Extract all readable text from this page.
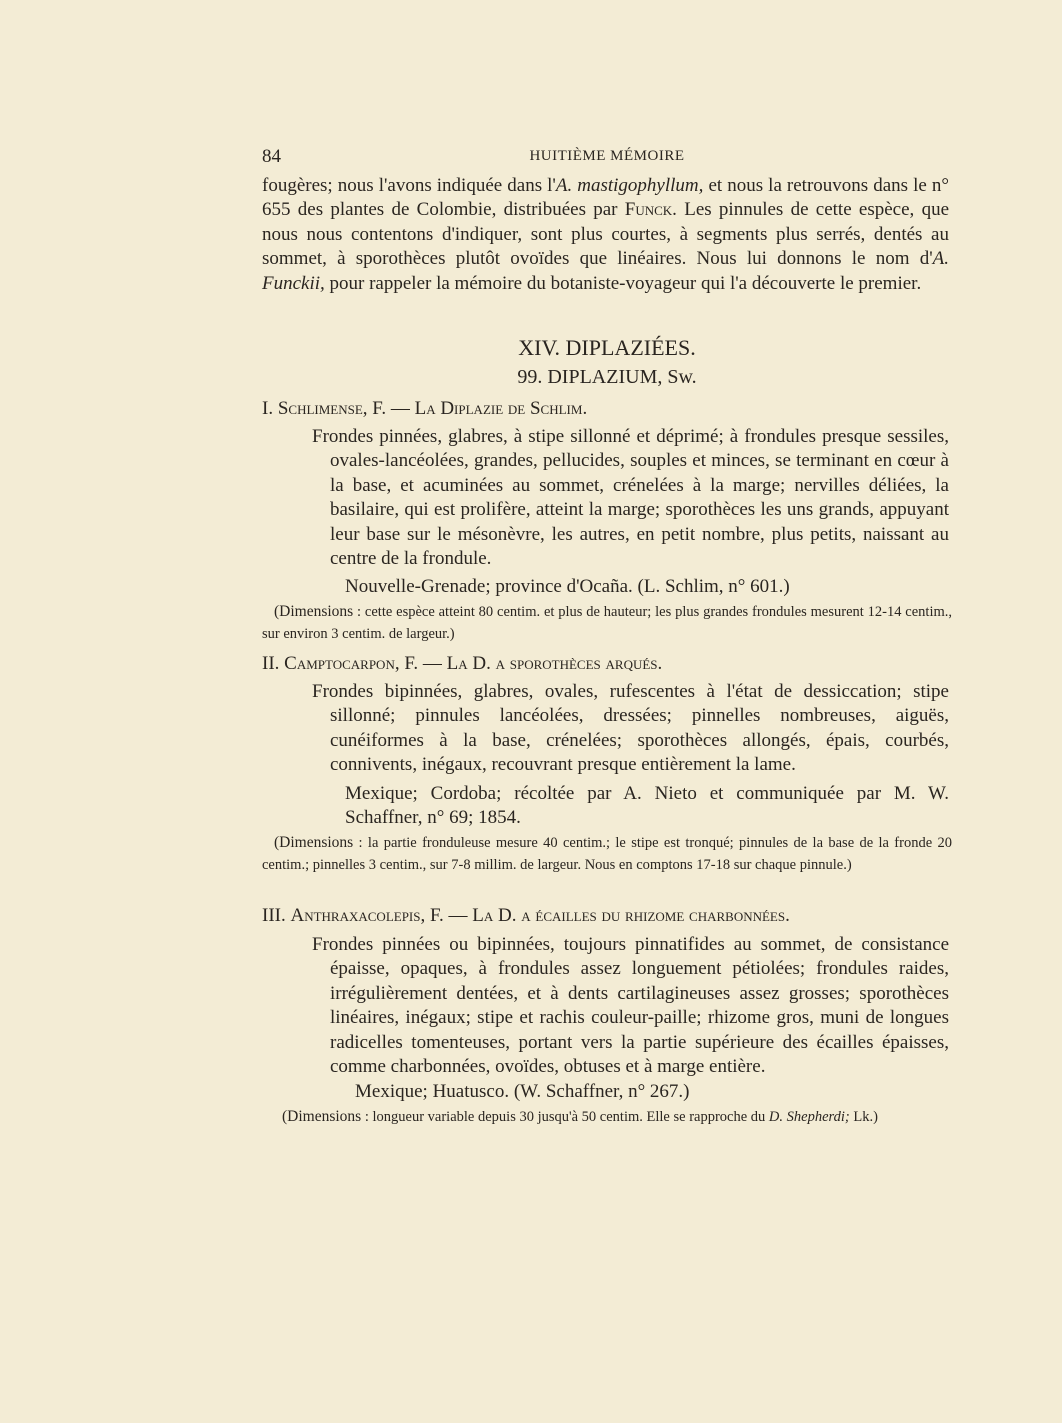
84	HUITIÈME MÉMOIRE
fougères; nous l'avons indiquée dans l'A. mastigophyllum, et nous la retrouvons dans le n° 655 des plantes de Colombie, distribuées par Funck. Les pinnules de cette espèce, que nous nous contentons d'indiquer, sont plus courtes, à segments plus serrés, dentés au sommet, à sporothèces plutôt ovoïdes que linéaires. Nous lui donnons le nom d'A. Funckii, pour rappeler la mémoire du botaniste-voyageur qui l'a découverte le premier.
XIV. DIPLAZIÉES.
99. DIPLAZIUM, Sw.
I. Schlimense, F. — La Diplazie de Schlim.
Frondes pinnées, glabres, à stipe sillonné et déprimé; à frondules presque sessiles, ovales-lancéolées, grandes, pellucides, souples et minces, se terminant en cœur à la base, et acuminées au sommet, crénelées à la marge; nervilles déliées, la basilaire, qui est prolifère, atteint la marge; sporothèces les uns grands, appuyant leur base sur le mésonèvre, les autres, en petit nombre, plus petits, naissant au centre de la frondule.
Nouvelle-Grenade; province d'Ocaña. (L. Schlim, n° 601.)
(Dimensions : cette espèce atteint 80 centim. et plus de hauteur; les plus grandes frondules mesurent 12-14 centim., sur environ 3 centim. de largeur.)
II. Camptocarpon, F. — La D. a sporothèces arqués.
Frondes bipinnées, glabres, ovales, rufescentes à l'état de dessiccation; stipe sillonné; pinnules lancéolées, dressées; pinnelles nombreuses, aiguës, cunéiformes à la base, crénelées; sporothèces allongés, épais, courbés, connivents, inégaux, recouvrant presque entièrement la lame.
Mexique; Cordoba; récoltée par A. Nieto et communiquée par M. W. Schaffner, n° 69; 1854.
(Dimensions : la partie fronduleuse mesure 40 centim.; le stipe est tronqué; pinnules de la base de la fronde 20 centim.; pinnelles 3 centim., sur 7-8 millim. de largeur. Nous en comptons 17-18 sur chaque pinnule.)
III. Anthraxacolepis, F. — La D. a écailles du rhizome charbonnées.
Frondes pinnées ou bipinnées, toujours pinnatifides au sommet, de consistance épaisse, opaques, à frondules assez longuement pétiolées; frondules raides, irrégulièrement dentées, et à dents cartilagineuses assez grosses; sporothèces linéaires, inégaux; stipe et rachis couleur-paille; rhizome gros, muni de longues radicelles tomenteuses, portant vers la partie supérieure des écailles épaisses, comme charbonnées, ovoïdes, obtuses et à marge entière.
Mexique; Huatusco. (W. Schaffner, n° 267.)
(Dimensions : longueur variable depuis 30 jusqu'à 50 centim. Elle se rapproche du D. Shepherdi; Lk.)
